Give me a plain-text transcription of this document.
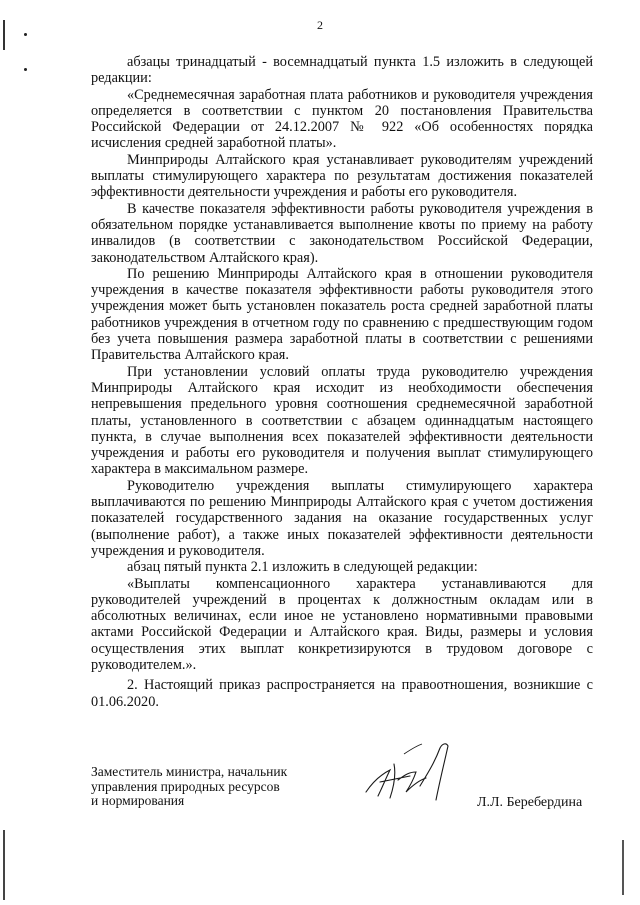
2

абзацы тринадцатый - восемнадцатый пункта 1.5 изложить в следующей редакции:

«Среднемесячная заработная плата работников и руководителя учреждения определяется в соответствии с пунктом 20 постановления Правительства Российской Федерации от 24.12.2007 № 922 «Об особенностях порядка исчисления средней заработной платы».

Минприроды Алтайского края устанавливает руководителям учреждений выплаты стимулирующего характера по результатам достижения показателей эффективности деятельности учреждения и работы его руководителя.

В качестве показателя эффективности работы руководителя учреждения в обязательном порядке устанавливается выполнение квоты по приему на работу инвалидов (в соответствии с законодательством Российской Федерации, законодательством Алтайского края).

По решению Минприроды Алтайского края в отношении руководителя учреждения в качестве показателя эффективности работы руководителя этого учреждения может быть установлен показатель роста средней заработной платы работников учреждения в отчетном году по сравнению с предшествующим годом без учета повышения размера заработной платы в соответствии с решениями Правительства Алтайского края.

При установлении условий оплаты труда руководителю учреждения Минприроды Алтайского края исходит из необходимости обеспечения непревышения предельного уровня соотношения среднемесячной заработной платы, установленного в соответствии с абзацем одиннадцатым настоящего пункта, в случае выполнения всех показателей эффективности деятельности учреждения и работы его руководителя и получения выплат стимулирующего характера в максимальном размере.

Руководителю учреждения выплаты стимулирующего характера выплачиваются по решению Минприроды Алтайского края с учетом достижения показателей государственного задания на оказание государственных услуг (выполнение работ), а также иных показателей эффективности деятельности учреждения и руководителя.

абзац пятый пункта 2.1 изложить в следующей редакции:

«Выплаты компенсационного характера устанавливаются для руководителей учреждений в процентах к должностным окладам или в абсолютных величинах, если иное не установлено нормативными правовыми актами Российской Федерации и Алтайского края. Виды, размеры и условия осуществления этих выплат конкретизируются в трудовом договоре с руководителем.».

2. Настоящий приказ распространяется на правоотношения, возникшие с 01.06.2020.

Заместитель министра, начальник
управления природных ресурсов
и нормирования	Л.Л. Беребердина
